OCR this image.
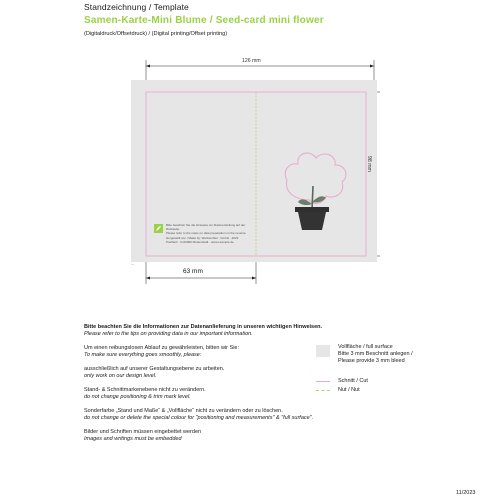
Standzeichnung / Template
Samen-Karte-Mini Blume / Seed-card mini flower
(Digitaldruck/Offsetdruck) / (Digital printing/Offset printing)
126 mm
98 mm
63 mm
—
Bitte beachten Sie die Hinweise zur Datenerstellung auf der Rückseite.
Please refer to the notes on data preparation on the reverse.
Hergestellt von / Made by: Werbemittel · GmbH · 2023
Postfach · D-00000 Musterstadt · www.example.de

Bitte beachten Sie die Informationen zur Datenanlieferung in unseren wichtigen Hinweisen.
Please refer to the tips on providing data in our important information.

Um einen reibungslosen Ablauf zu gewährleisten, bitten wir Sie:
To make sure everything goes smoothly, please:

ausschließlich auf unserer Gestaltungsebene zu arbeiten.
only work on our design level.

Stand- & Schnittmarkenebene nicht zu verändern.
do not change positioning & trim mark level.

Sonderfarbe „Stand und Maße“ & „Vollfläche“ nicht zu verändern oder zu löschen.
do not change or delete the special colour for "positioning and measurements" & "full surface".

Bilder und Schriften müssen eingebettet werden
Images and writings must be embedded

Vollfläche / full surface
Bitte 3 mm Beschnitt anlegen /
Please provide 3 mm bleed
Schnitt / Cut
Nut / Nut
11/2023
